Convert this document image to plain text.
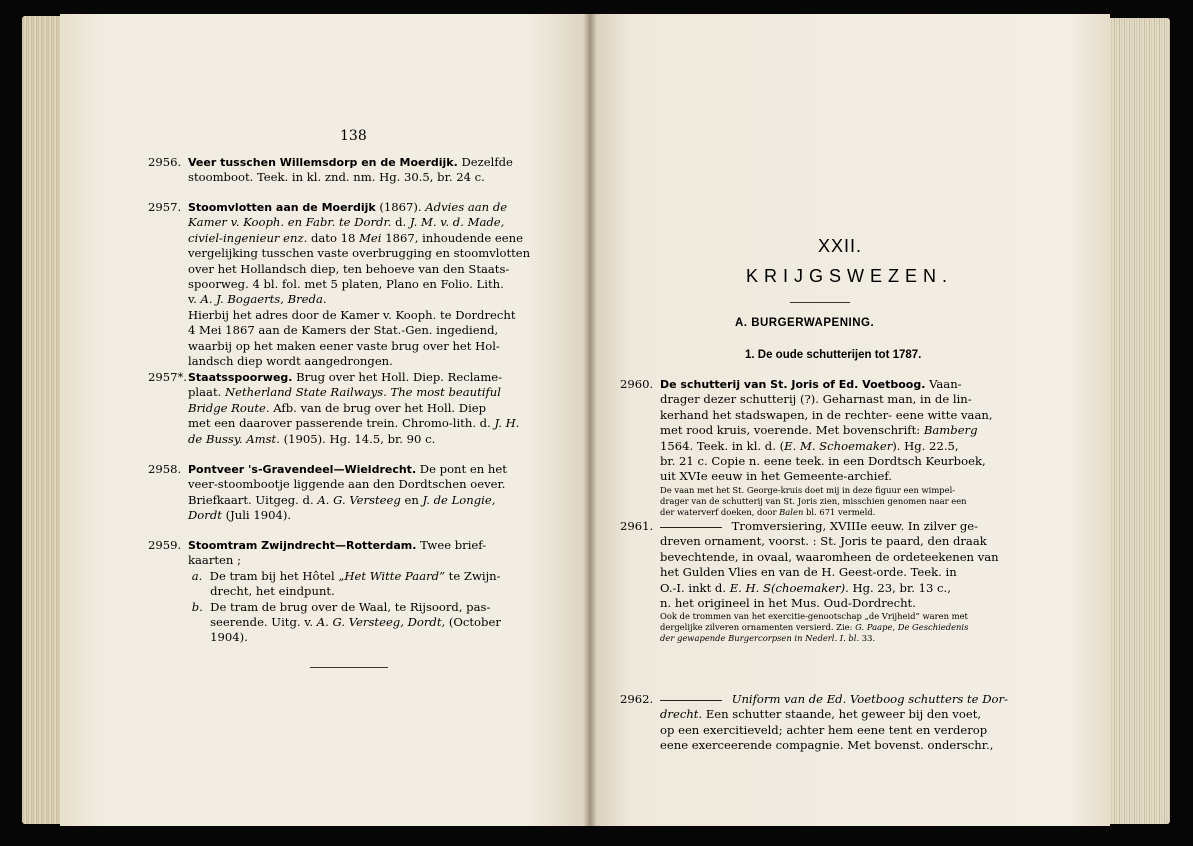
138
2956. Veer tusschen Willemsdorp en de Moerdijk. Dezelfde
stoomboot. Teek. in kl. znd. nm. Hg. 30.5, br. 24 c.
2957. Stoomvlotten aan de Moerdijk (1867). Advies aan de
Kamer v. Kooph. en Fabr. te Dordr. d. J. M. v. d. Made,
civiel-ingenieur enz. dato 18 Mei 1867, inhoudende eene
vergelijking tusschen vaste overbrugging en stoomvlotten
over het Hollandsch diep, ten behoeve van den Staats-
spoorweg. 4 bl. fol. met 5 platen, Plano en Folio. Lith.
v. A. J. Bogaerts, Breda.
Hierbij het adres door de Kamer v. Kooph. te Dordrecht
4 Mei 1867 aan de Kamers der Stat.-Gen. ingediend,
waarbij op het maken eener vaste brug over het Hol-
landsch diep wordt aangedrongen.
2957*. Staatsspoorweg. Brug over het Holl. Diep. Reclame-
plaat. Netherland State Railways. The most beautiful
Bridge Route. Afb. van de brug over het Holl. Diep
met een daarover passerende trein. Chromo-lith. d. J. H.
de Bussy. Amst. (1905). Hg. 14.5, br. 90 c.
2958. Pontveer 's-Gravendeel—Wieldrecht. De pont en het
veer-stoombootje liggende aan den Dordtschen oever.
Briefkaart. Uitgeg. d. A. G. Versteeg en J. de Longie,
Dordt (Juli 1904).
2959. Stoomtram Zwijndrecht—Rotterdam. Twee brief-
kaarten ;
a.  De tram bij het Hôtel „Het Witte Paard” te Zwijn-
drecht, het eindpunt.
b.  De tram de brug over de Waal, te Rijsoord, pas-
seerende. Uitg. v. A. G. Versteeg, Dordt, (October
1904).
XXII.
KRIJGSWEZEN.
A. BURGERWAPENING.
1. De oude schutterijen tot 1787.
2960. De schutterij van St. Joris of Ed. Voetboog. Vaan-
drager dezer schutterij (?). Geharnast man, in de lin-
kerhand het stadswapen, in de rechter- eene witte vaan,
met rood kruis, voerende. Met bovenschrift: Bamberg
1564. Teek. in kl. d. (E. M. Schoemaker). Hg. 22.5,
br. 21 c. Copie n. eene teek. in een Dordtsch Keurboek,
uit XVIe eeuw in het Gemeente-archief.
De vaan met het St. George-kruis doet mij in deze figuur een wimpel-
drager van de schutterij van St. Joris zien, misschien genomen naar een
der waterverf doeken, door Balen bl. 671 vermeld.
2961.	Tromversiering, XVIIIe eeuw. In zilver ge-
dreven ornament, voorst. : St. Joris te paard, den draak
bevechtende, in ovaal, waaromheen de ordeteekenen van
het Gulden Vlies en van de H. Geest-orde. Teek. in
O.-I. inkt d. E. H. S(choemaker). Hg. 23, br. 13 c.,
n. het origineel in het Mus. Oud-Dordrecht.
Ook de trommen van het exercitie-genootschap „de Vrijheid” waren met
dergelijke zilveren ornamenten versierd. Zie: G. Paape, De Geschiedenis
der gewapende Burgercorpsen in Nederl. I. bl. 33.
2962.	Uniform van de Ed. Voetboog schutters te Dor-
drecht. Een schutter staande, het geweer bij den voet,
op een exercitieveld; achter hem eene tent en verderop
eene exerceerende compagnie. Met bovenst. onderschr.,
